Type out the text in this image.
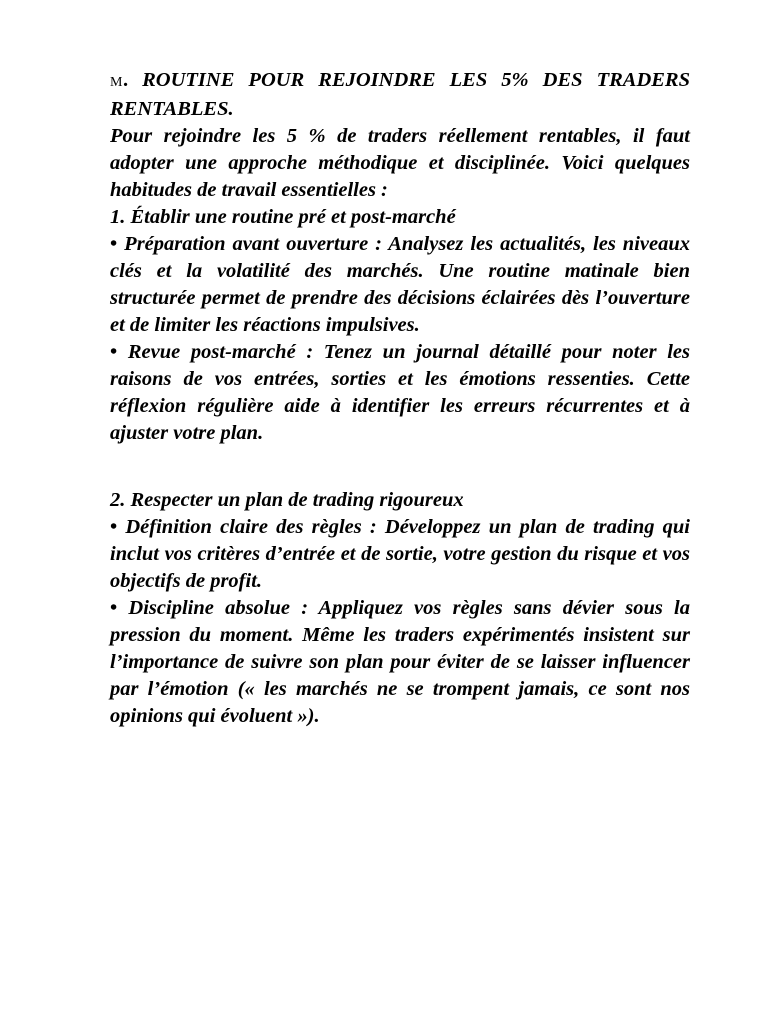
M. ROUTINE POUR REJOINDRE LES 5% DES TRADERS RENTABLES.

Pour rejoindre les 5 % de traders réellement rentables, il faut adopter une approche méthodique et disciplinée. Voici quelques habitudes de travail essentielles :

1. Établir une routine pré et post-marché

• Préparation avant ouverture : Analysez les actualités, les niveaux clés et la volatilité des marchés. Une routine matinale bien structurée permet de prendre des décisions éclairées dès l’ouverture et de limiter les réactions impulsives.

• Revue post-marché : Tenez un journal détaillé pour noter les raisons de vos entrées, sorties et les émotions ressenties. Cette réflexion régulière aide à identifier les erreurs récurrentes et à ajuster votre plan.

2. Respecter un plan de trading rigoureux

• Définition claire des règles : Développez un plan de trading qui inclut vos critères d’entrée et de sortie, votre gestion du risque et vos objectifs de profit.

• Discipline absolue : Appliquez vos règles sans dévier sous la pression du moment. Même les traders expérimentés insistent sur l’importance de suivre son plan pour éviter de se laisser influencer par l’émotion (« les marchés ne se trompent jamais, ce sont nos opinions qui évoluent »).
